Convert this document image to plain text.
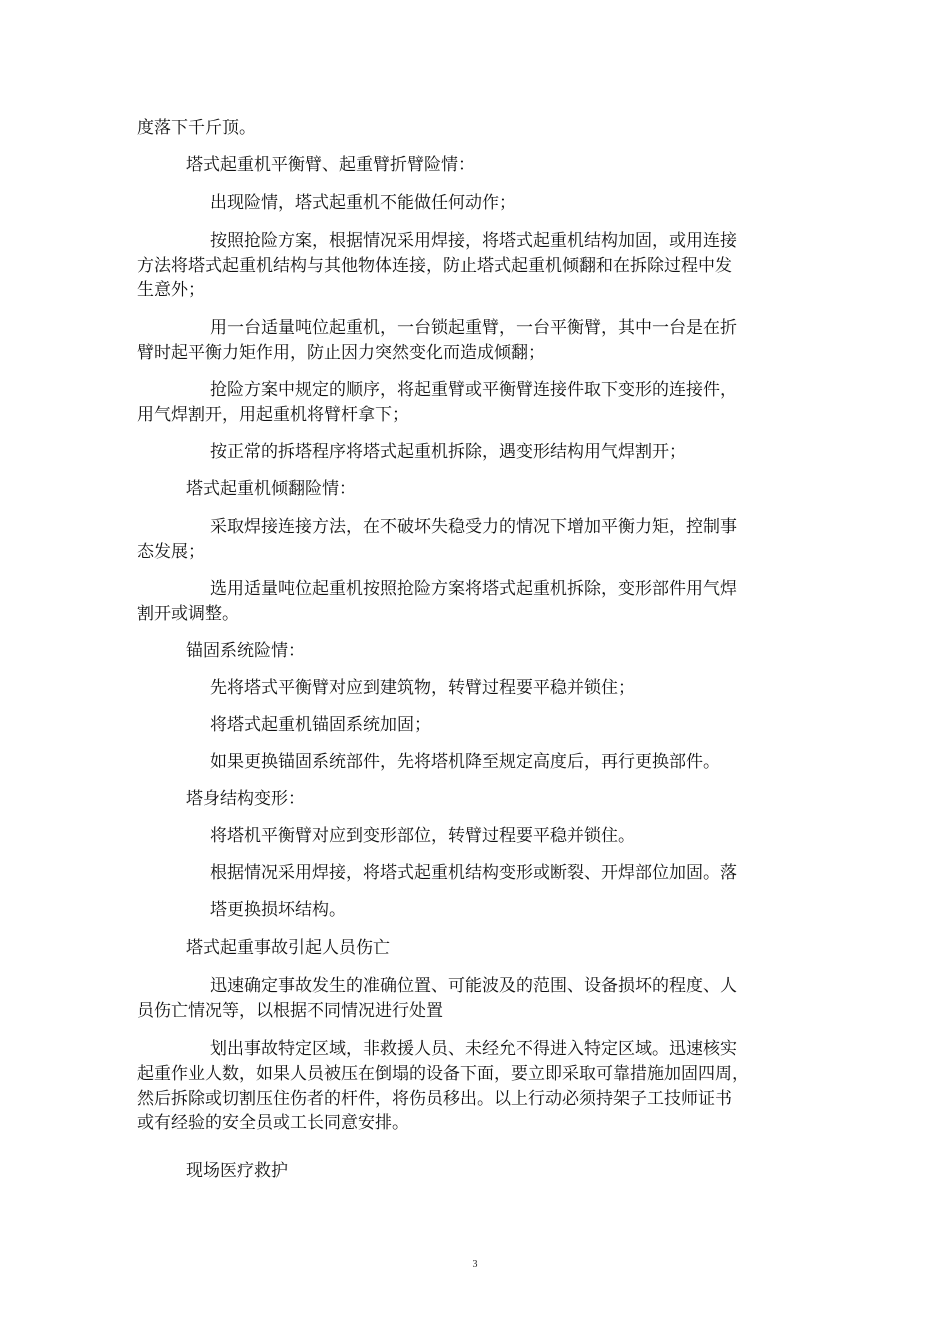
度落下千斤顶。
塔式起重机平衡臂、起重臂折臂险情：
出现险情，塔式起重机不能做任何动作；
按照抢险方案，根据情况采用焊接，将塔式起重机结构加固，或用连接
方法将塔式起重机结构与其他物体连接，防止塔式起重机倾翻和在拆除过程中发
生意外；
用一台适量吨位起重机，一台锁起重臂，一台平衡臂，其中一台是在折
臂时起平衡力矩作用，防止因力突然变化而造成倾翻；
抢险方案中规定的顺序，将起重臂或平衡臂连接件取下变形的连接件，
用气焊割开，用起重机将臂杆拿下；
按正常的拆塔程序将塔式起重机拆除，遇变形结构用气焊割开；
塔式起重机倾翻险情：
采取焊接连接方法，在不破坏失稳受力的情况下增加平衡力矩，控制事
态发展；
选用适量吨位起重机按照抢险方案将塔式起重机拆除，变形部件用气焊
割开或调整。
锚固系统险情：
先将塔式平衡臂对应到建筑物，转臂过程要平稳并锁住；
将塔式起重机锚固系统加固；
如果更换锚固系统部件，先将塔机降至规定高度后，再行更换部件。
塔身结构变形：
将塔机平衡臂对应到变形部位，转臂过程要平稳并锁住。
根据情况采用焊接，将塔式起重机结构变形或断裂、开焊部位加固。落
塔更换损坏结构。
塔式起重事故引起人员伤亡
迅速确定事故发生的准确位置、可能波及的范围、设备损坏的程度、人
员伤亡情况等，以根据不同情况进行处置
划出事故特定区域，非救援人员、未经允不得进入特定区域。迅速核实
起重作业人数，如果人员被压在倒塌的设备下面，要立即采取可靠措施加固四周，
然后拆除或切割压住伤者的杆件，将伤员移出。以上行动必须持架子工技师证书
或有经验的安全员或工长同意安排。
现场医疗救护
3
